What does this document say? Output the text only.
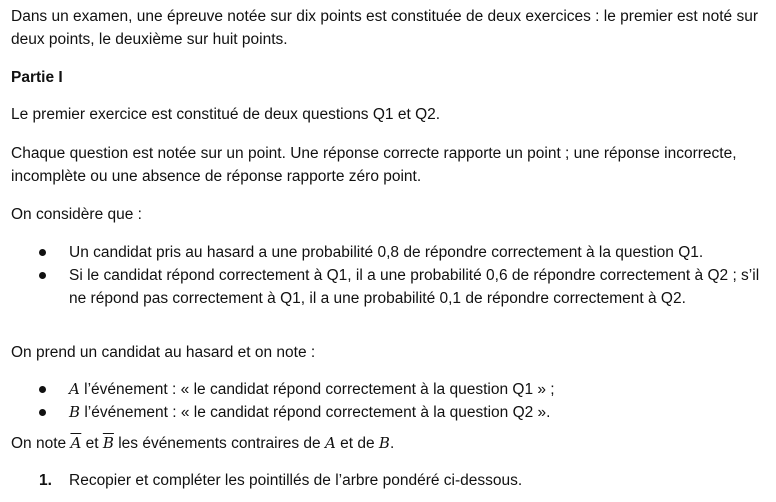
Dans un examen, une épreuve notée sur dix points est constituée de deux exercices : le premier est noté sur deux points, le deuxième sur huit points.

Partie I

Le premier exercice est constitué de deux questions Q1 et Q2.

Chaque question est notée sur un point. Une réponse correcte rapporte un point ; une réponse incorrecte, incomplète ou une absence de réponse rapporte zéro point.

On considère que :

Un candidat pris au hasard a une probabilité 0,8 de répondre correctement à la question Q1.
Si le candidat répond correctement à Q1, il a une probabilité 0,6 de répondre correctement à Q2 ; s’il ne répond pas correctement à Q1, il a une probabilité 0,1 de répondre correctement à Q2.

On prend un candidat au hasard et on note :

A l’événement : « le candidat répond correctement à la question Q1 » ;
B l’événement : « le candidat répond correctement à la question Q2 ».

On note $\overline{A}$ et $\overline{B}$ les événements contraires de A et de B.

1. Recopier et compléter les pointillés de l’arbre pondéré ci-dessous.
